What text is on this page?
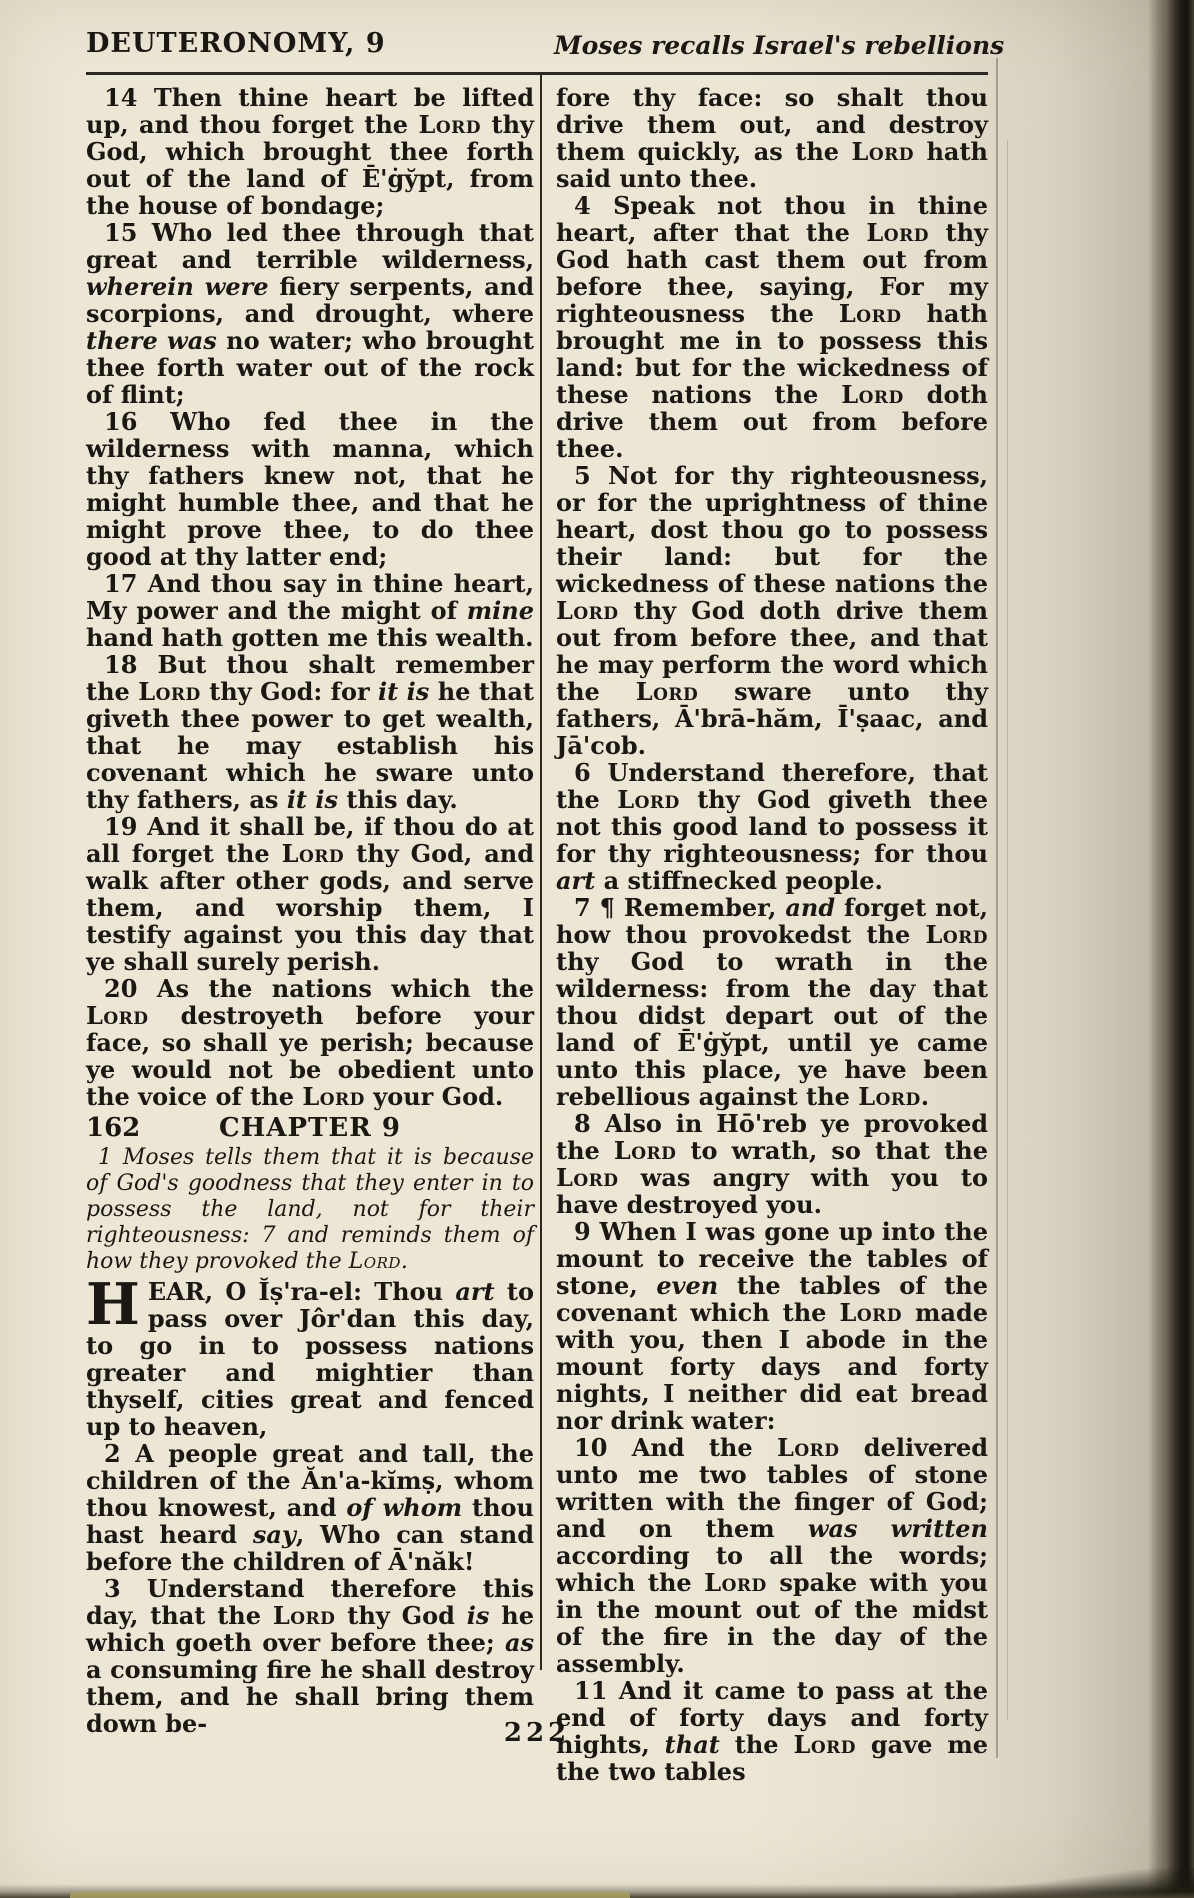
DEUTERONOMY, 9	Moses recalls Israel's rebellions

14 Then thine heart be lifted up, and thou forget the Lord thy God, which brought thee forth out of the land of Ē'ġy̆pt, from the house of bondage;

15 Who led thee through that great and terrible wilderness, wherein were fiery serpents, and scorpions, and drought, where there was no water; who brought thee forth water out of the rock of flint;

16 Who fed thee in the wilderness with manna, which thy fathers knew not, that he might humble thee, and that he might prove thee, to do thee good at thy latter end;

17 And thou say in thine heart, My power and the might of mine hand hath gotten me this wealth.

18 But thou shalt remember the Lord thy God: for it is he that giveth thee power to get wealth, that he may establish his covenant which he sware unto thy fathers, as it is this day.

19 And it shall be, if thou do at all forget the Lord thy God, and walk after other gods, and serve them, and worship them, I testify against you this day that ye shall surely perish.

20 As the nations which the Lord destroyeth before your face, so shall ye perish; because ye would not be obedient unto the voice of the Lord your God.

162	CHAPTER 9

1 Moses tells them that it is because of God's goodness that they enter in to possess the land, not for their righteousness: 7 and reminds them of how they provoked the Lord.

HEAR, O Ĭṣ'ra-el: Thou art to pass over Jôr'dan this day, to go in to possess nations greater and mightier than thyself, cities great and fenced up to heaven,

2 A people great and tall, the children of the Ăn'a-kĭmṣ, whom thou knowest, and of whom thou hast heard say, Who can stand before the children of Ā'năk!

3 Understand therefore this day, that the Lord thy God is he which goeth over before thee; as a consuming fire he shall destroy them, and he shall bring them down be-

fore thy face: so shalt thou drive them out, and destroy them quickly, as the Lord hath said unto thee.

4 Speak not thou in thine heart, after that the Lord thy God hath cast them out from before thee, saying, For my righteousness the Lord hath brought me in to possess this land: but for the wickedness of these nations the Lord doth drive them out from before thee.

5 Not for thy righteousness, or for the uprightness of thine heart, dost thou go to possess their land: but for the wickedness of these nations the Lord thy God doth drive them out from before thee, and that he may perform the word which the Lord sware unto thy fathers, Ā'brā-hăm, Ī'ṣaac, and Jā'cob.

6 Understand therefore, that the Lord thy God giveth thee not this good land to possess it for thy righteousness; for thou art a stiffnecked people.

7 ¶ Remember, and forget not, how thou provokedst the Lord thy God to wrath in the wilderness: from the day that thou didst depart out of the land of Ē'ġy̆pt, until ye came unto this place, ye have been rebellious against the Lord.

8 Also in Hō'reb ye provoked the Lord to wrath, so that the Lord was angry with you to have destroyed you.

9 When I was gone up into the mount to receive the tables of stone, even the tables of the covenant which the Lord made with you, then I abode in the mount forty days and forty nights, I neither did eat bread nor drink water:

10 And the Lord delivered unto me two tables of stone written with the finger of God; and on them was written according to all the words; which the Lord spake with you in the mount out of the midst of the fire in the day of the assembly.

11 And it came to pass at the end of forty days and forty nights, that the Lord gave me the two tables

222
